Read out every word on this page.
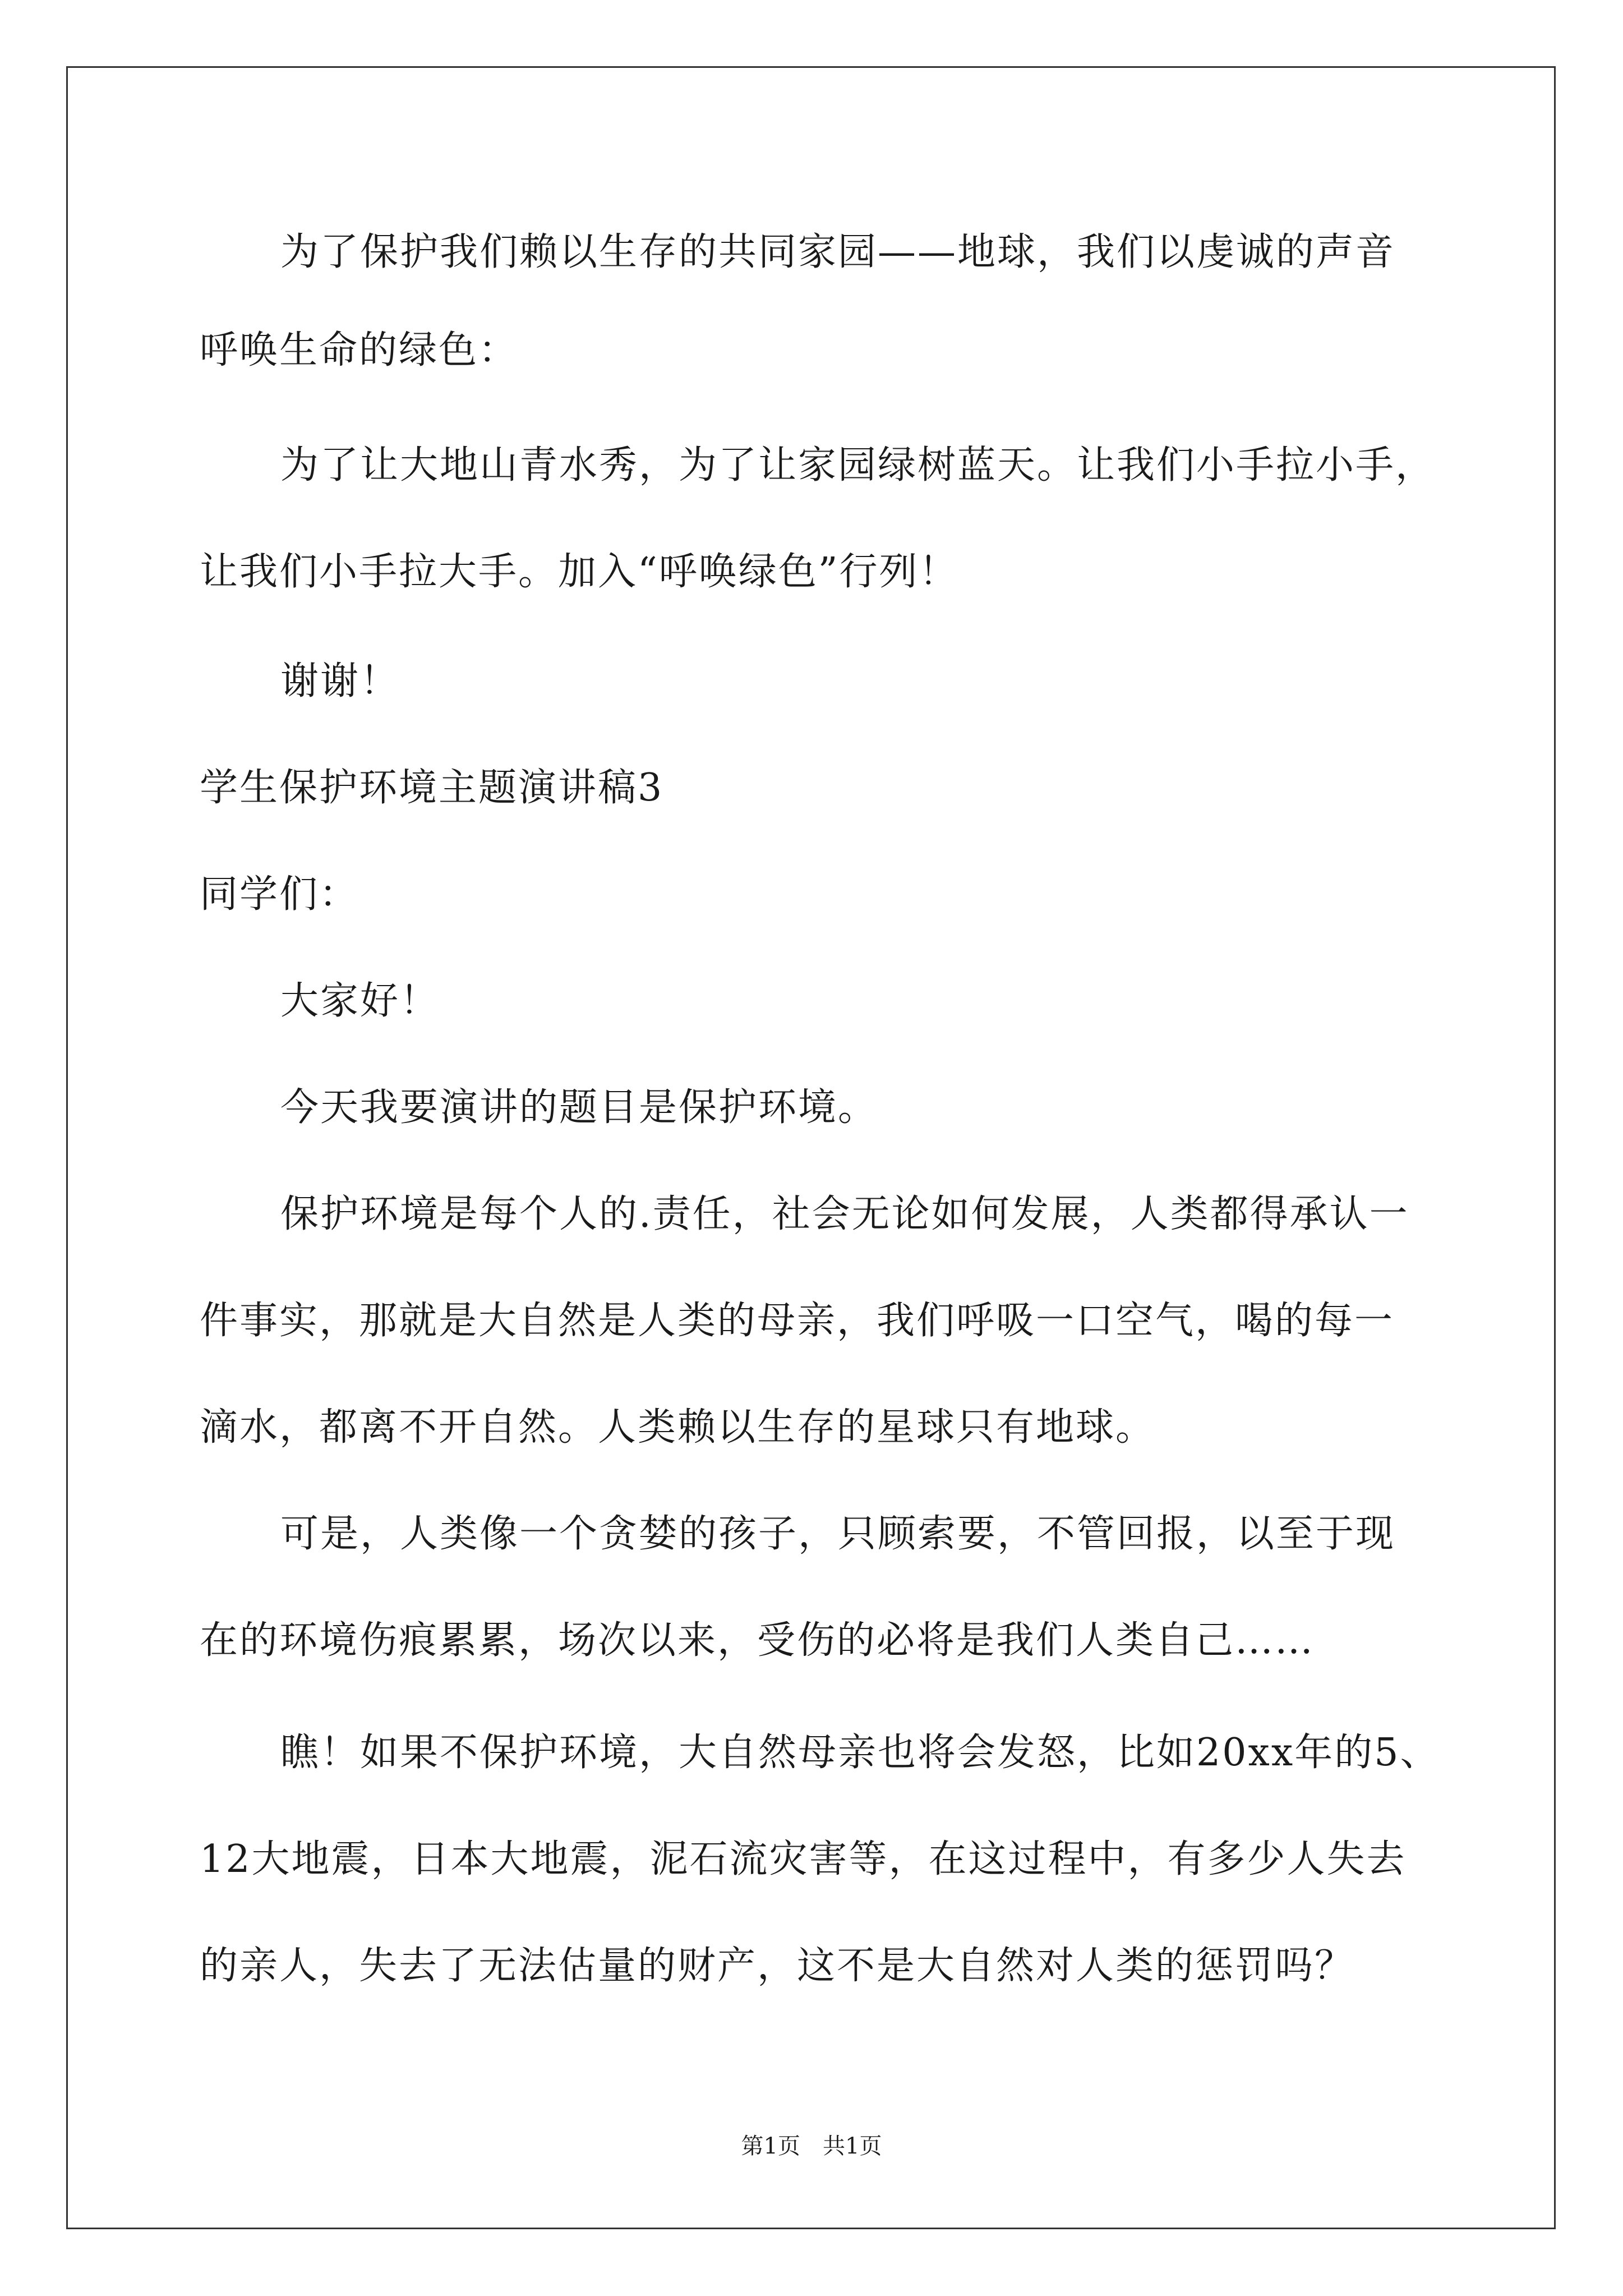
为了保护我们赖以生存的共同家园——地球，我们以虔诚的声音
呼唤生命的绿色：
为了让大地山青水秀，为了让家园绿树蓝天。让我们小手拉小手，
让我们小手拉大手。加入“呼唤绿色”行列！
谢谢！
学生保护环境主题演讲稿3
同学们：
大家好！
今天我要演讲的题目是保护环境。
保护环境是每个人的.责任，社会无论如何发展，人类都得承认一
件事实，那就是大自然是人类的母亲，我们呼吸一口空气，喝的每一
滴水，都离不开自然。人类赖以生存的星球只有地球。
可是，人类像一个贪婪的孩子，只顾索要，不管回报，以至于现
在的环境伤痕累累，场次以来，受伤的必将是我们人类自己……
瞧！如果不保护环境，大自然母亲也将会发怒，比如20xx年的5、
12大地震，日本大地震，泥石流灾害等，在这过程中，有多少人失去
的亲人，失去了无法估量的财产，这不是大自然对人类的惩罚吗？
第1页　共1页
